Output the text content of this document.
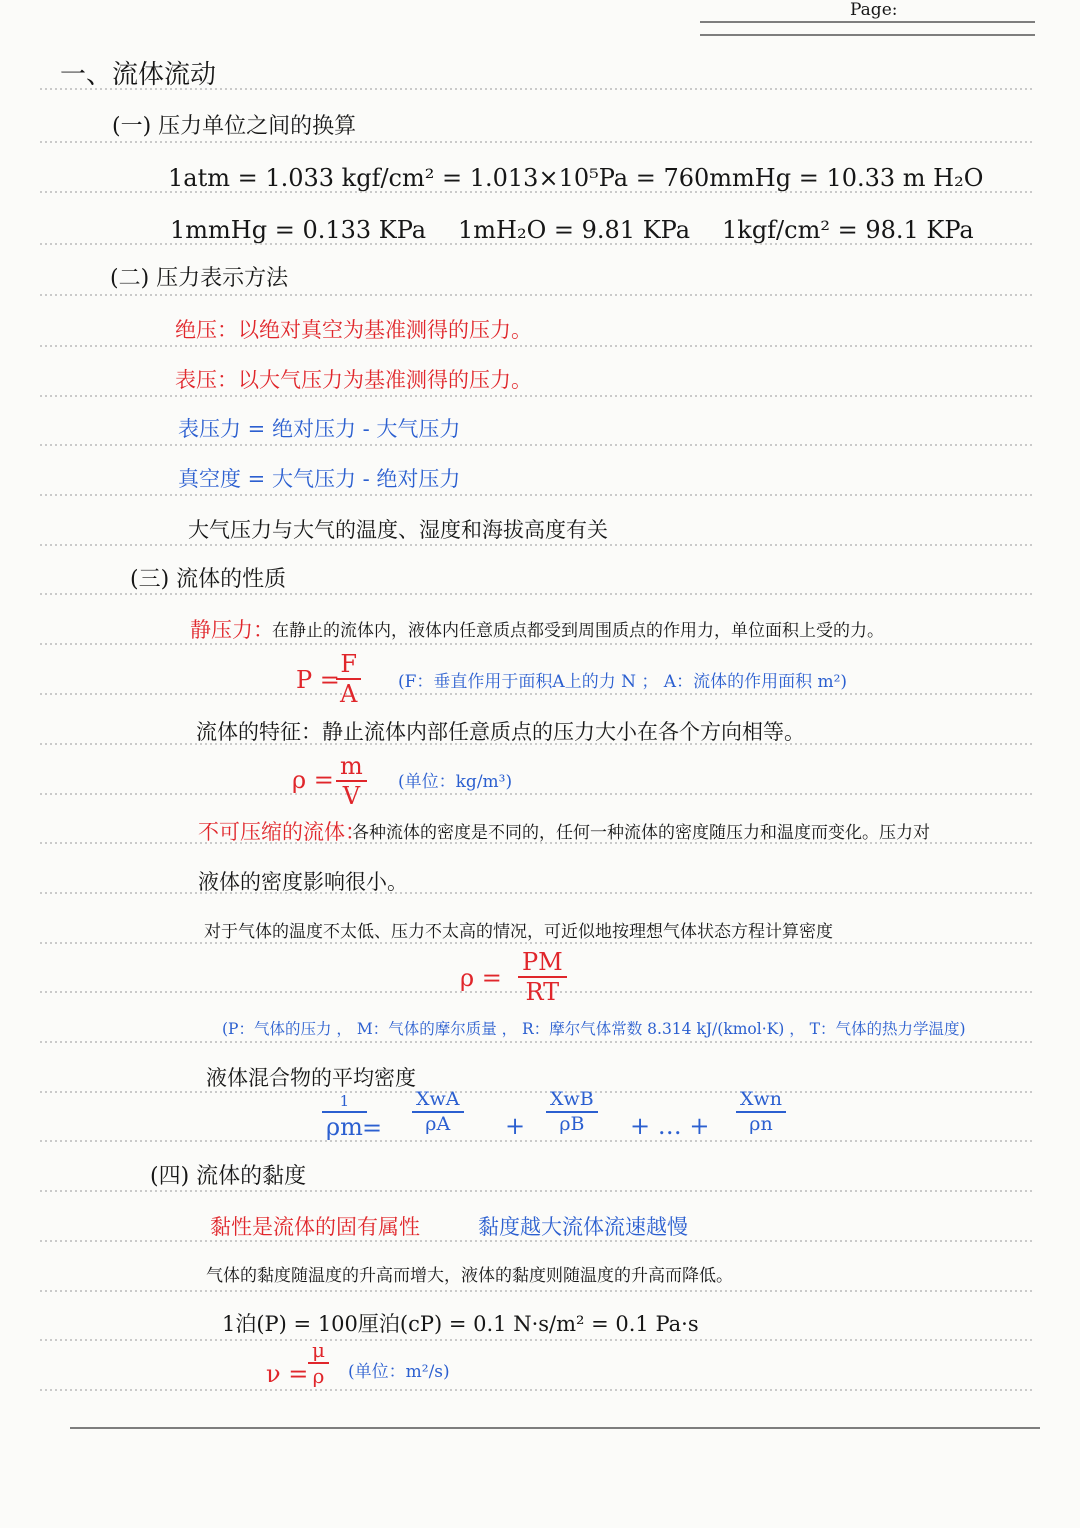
Page:
一、流体流动
(一) 压力单位之间的换算
1atm = 1.033 kgf/cm² = 1.013×10⁵Pa = 760mmHg = 10.33 m H₂O
1mmHg = 0.133 KPa 1mH₂O = 9.81 KPa 1kgf/cm² = 98.1 KPa
(二) 压力表示方法
绝压：以绝对真空为基准测得的压力。
表压：以大气压力为基准测得的压力。
表压力 = 绝对压力 - 大气压力
真空度 = 大气压力 - 绝对压力
大气压力与大气的温度、湿度和海拔高度有关
(三) 流体的性质
静压力：
在静止的流体内，液体内任意质点都受到周围质点的作用力，单位面积上受的力。
P =
F
A (F：垂直作用于面积A上的力 N ； A：流体的作用面积 m²)
流体的特征：静止流体内部任意质点的压力大小在各个方向相等。
ρ = m
V (单位：kg/m³)
不可压缩的流体：
各种流体的密度是不同的，任何一种流体的密度随压力和温度而变化。压力对
液体的密度影响很小。
对于气体的温度不太低、压力不太高的情况，可近似地按理想气体状态方程计算密度
ρ =
PM
RT
(P：气体的压力 ， M：气体的摩尔质量 ， R：摩尔气体常数 8.314 kJ/(kmol·K) ， T：气体的热力学温度)
液体混合物的平均密度
1
ρm =
XwA
ρA +
XwB
ρB + … +
Xwn
ρn
(四) 流体的黏度
黏性是流体的固有属性	黏度越大流体流速越慢
气体的黏度随温度的升高而增大，液体的黏度则随温度的升高而降低。
1泊(P) = 100厘泊(cP) = 0.1 N·s/m² = 0.1 Pa·s
ν =
μ
ρ (单位：m²/s)
